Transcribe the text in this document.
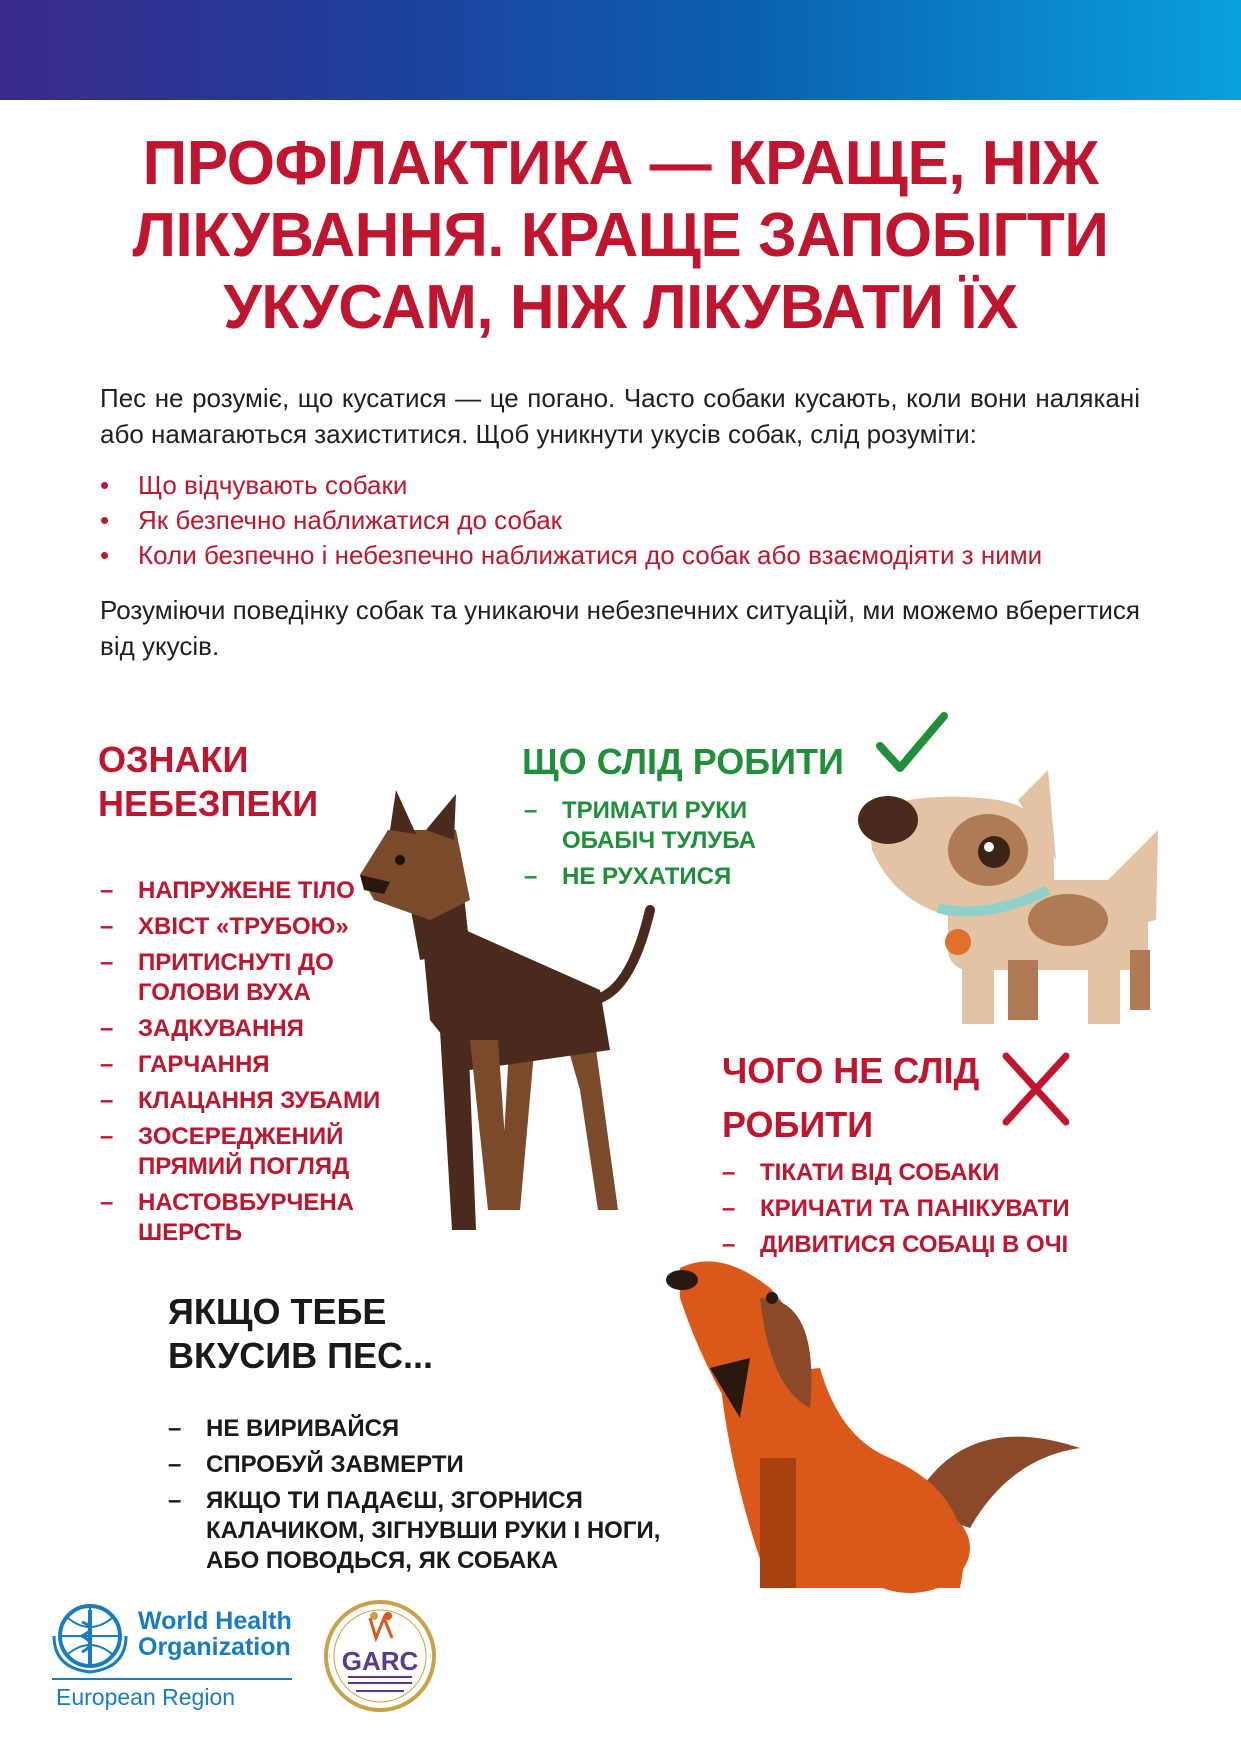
ПРОФІЛАКТИКА — КРАЩЕ, НІЖ ЛІКУВАННЯ. КРАЩЕ ЗАПОБІГТИ УКУСАМ, НІЖ ЛІКУВАТИ ЇХ
Пес не розуміє, що кусатися — це погано. Часто собаки кусають, коли вони налякані або намагаються захиститися. Щоб уникнути укусів собак, слід розуміти:
• Що відчувають собаки
• Як безпечно наближатися до собак
• Коли безпечно і небезпечно наближатися до собак або взаємодіяти з ними
Розуміючи поведінку собак та уникаючи небезпечних ситуацій, ми можемо вберегтися від укусів.
ОЗНАКИ
НЕБЕЗПЕКИ
– НАПРУЖЕНЕ ТІЛО
– ХВІСТ «ТРУБОЮ»
– ПРИТИСНУТІ ДО ГОЛОВИ ВУХА
– ЗАДКУВАННЯ
– ГАРЧАННЯ
– КЛАЦАННЯ ЗУБАМИ
– ЗОСЕРЕДЖЕНИЙ ПРЯМИЙ ПОГЛЯД
– НАСТОВБУРЧЕНА ШЕРСТЬ
ЩО СЛІД РОБИТИ
– ТРИМАТИ РУКИ ОБАБІЧ ТУЛУБА
– НЕ РУХАТИСЯ
ЧОГО НЕ СЛІД
РОБИТИ
– ТІКАТИ ВІД СОБАКИ
– КРИЧАТИ ТА ПАНІКУВАТИ
– ДИВИТИСЯ СОБАЦІ В ОЧІ
ЯКЩО ТЕБЕ
ВКУСИВ ПЕС...
– НЕ ВИРИВАЙСЯ
– СПРОБУЙ ЗАВМЕРТИ
– ЯКЩО ТИ ПАДАЄШ, ЗГОРНИСЯ КАЛАЧИКОМ, ЗІГНУВШИ РУКИ І НОГИ, АБО ПОВОДЬСЯ, ЯК СОБАКА
World Health Organization
European Region
GARC
